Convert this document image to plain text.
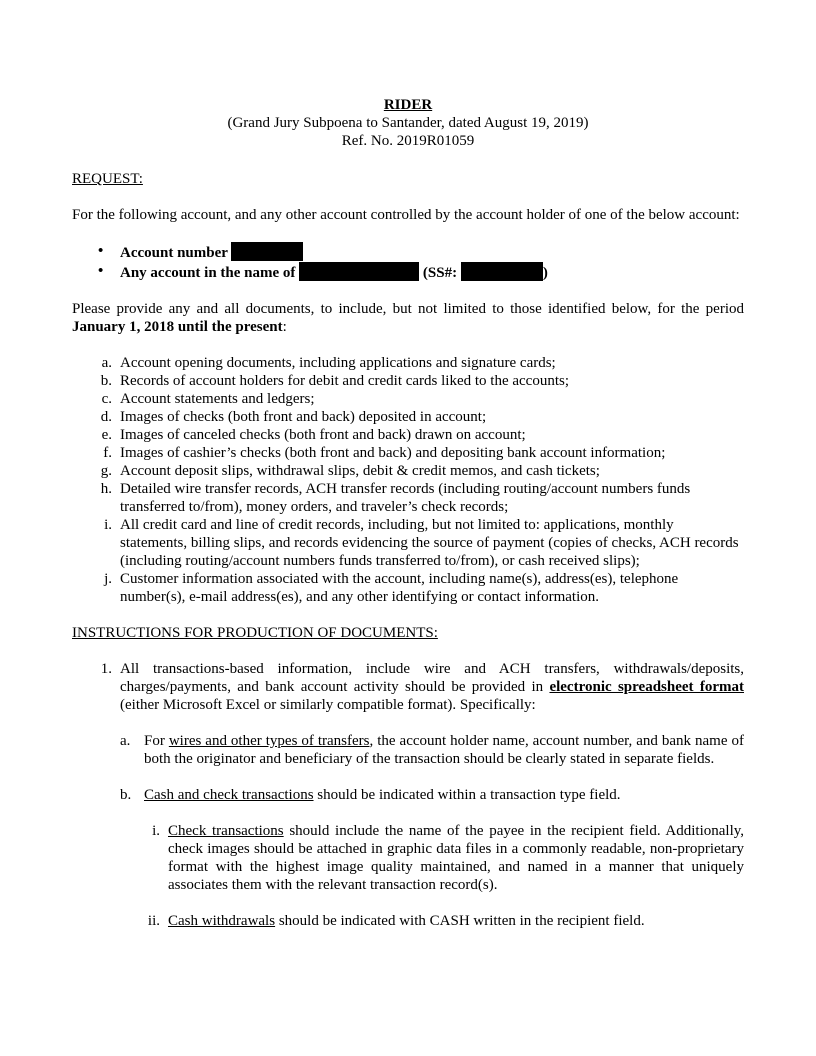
RIDER
(Grand Jury Subpoena to Santander, dated August 19, 2019)
Ref. No. 2019R01059
REQUEST:

For the following account, and any other account controlled by the account holder of one of the below account:

• Account number
• Any account in the name of	(SS#:	)

Please provide any and all documents, to include, but not limited to those identified below, for the period January 1, 2018 until the present:

a. Account opening documents, including applications and signature cards;
b. Records of account holders for debit and credit cards liked to the accounts;
c. Account statements and ledgers;
d. Images of checks (both front and back) deposited in account;
e. Images of canceled checks (both front and back) drawn on account;
f. Images of cashier’s checks (both front and back) and depositing bank account information;
g. Account deposit slips, withdrawal slips, debit & credit memos, and cash tickets;
h. Detailed wire transfer records, ACH transfer records (including routing/account numbers funds transferred to/from), money orders, and traveler’s check records;
i. All credit card and line of credit records, including, but not limited to: applications, monthly statements, billing slips, and records evidencing the source of payment (copies of checks, ACH records (including routing/account numbers funds transferred to/from), or cash received slips);
j. Customer information associated with the account, including name(s), address(es), telephone number(s), e-mail address(es), and any other identifying or contact information.
INSTRUCTIONS FOR PRODUCTION OF DOCUMENTS:
1. All transactions-based information, include wire and ACH transfers, withdrawals/deposits, charges/payments, and bank account activity should be provided in electronic spreadsheet format (either Microsoft Excel or similarly compatible format). Specifically:
a. For wires and other types of transfers, the account holder name, account number, and bank name of both the originator and beneficiary of the transaction should be clearly stated in separate fields.
b. Cash and check transactions should be indicated within a transaction type field.
i. Check transactions should include the name of the payee in the recipient field. Additionally, check images should be attached in graphic data files in a commonly readable, non-proprietary format with the highest image quality maintained, and named in a manner that uniquely associates them with the relevant transaction record(s).
ii. Cash withdrawals should be indicated with CASH written in the recipient field.
